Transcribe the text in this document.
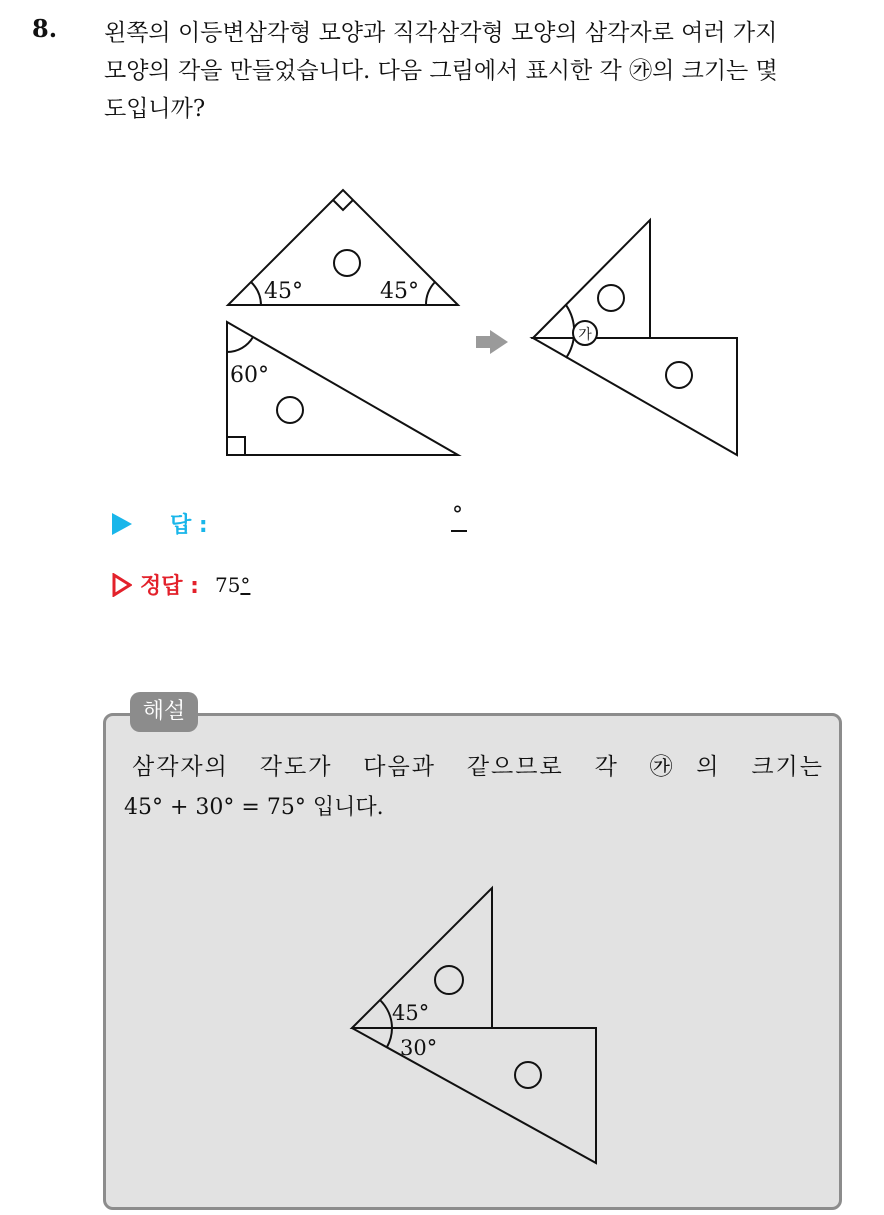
8. 왼쪽의 이등변삼각형 모양과 직각삼각형 모양의 삼각자로 여러 가지
모양의 각을 만들었습니다. 다음 그림에서 표시한 각 ㉮의 크기는 몇
도입니까?
45°	45°
60°
가
답 :	°
정답 : 75°
해설
삼각자의 각도가 다음과 같으므로 각 ㉮의 크기는
45° + 30° = 75° 입니다.
45°
30°
